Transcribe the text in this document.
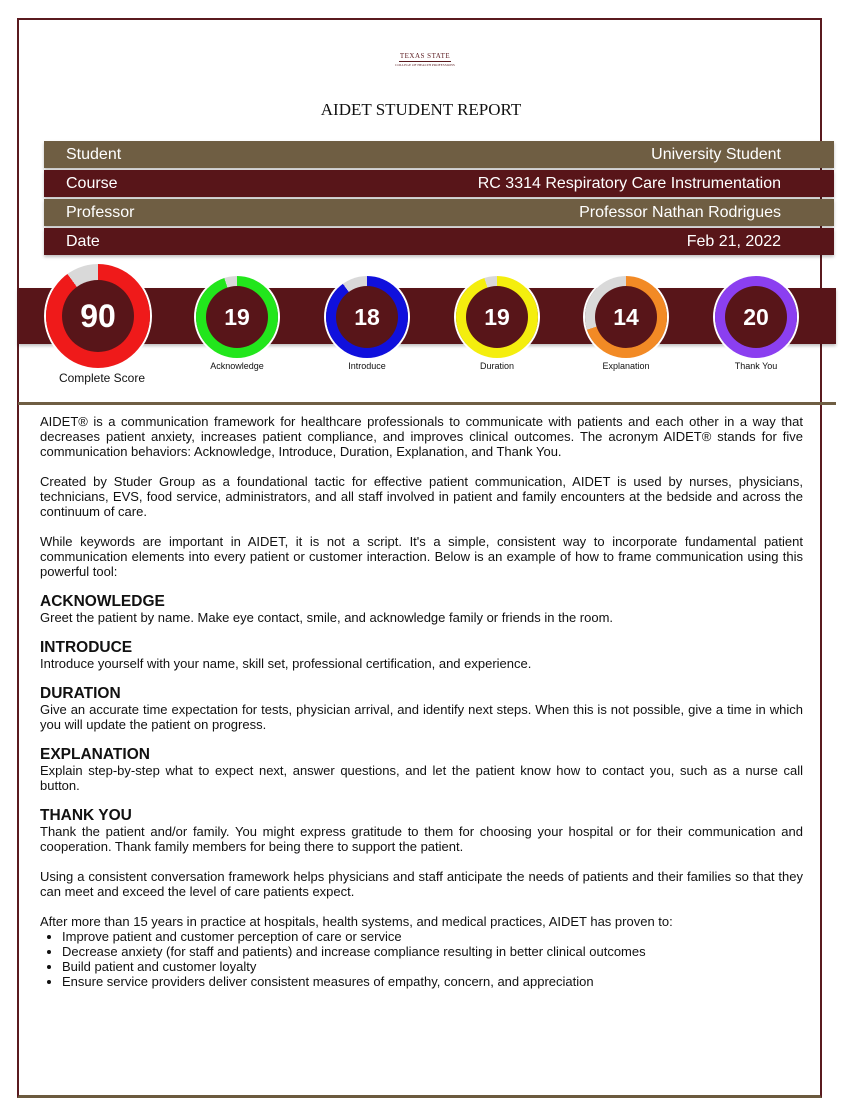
TEXAS STATE
COLLEGE OF HEALTH PROFESSIONS
AIDET STUDENT REPORT
Student	University Student
Course	RC 3314 Respiratory Care Instrumentation
Professor	Professor Nathan Rodrigues
Date	Feb 21, 2022
90
Complete Score
19
Acknowledge
18
Introduce
19
Duration
14
Explanation
20
Thank You

AIDET® is a communication framework for healthcare professionals to communicate with patients and each other in a way that decreases patient anxiety, increases patient compliance, and improves clinical outcomes. The acronym AIDET® stands for five communication behaviors: Acknowledge, Introduce, Duration, Explanation, and Thank You.

Created by Studer Group as a foundational tactic for effective patient communication, AIDET is used by nurses, physicians, technicians, EVS, food service, administrators, and all staff involved in patient and family encounters at the bedside and across the continuum of care.

While keywords are important in AIDET, it is not a script. It's a simple, consistent way to incorporate fundamental patient communication elements into every patient or customer interaction. Below is an example of how to frame communication using this powerful tool:

ACKNOWLEDGE

Greet the patient by name. Make eye contact, smile, and acknowledge family or friends in the room.

INTRODUCE

Introduce yourself with your name, skill set, professional certification, and experience.

DURATION

Give an accurate time expectation for tests, physician arrival, and identify next steps. When this is not possible, give a time in which you will update the patient on progress.

EXPLANATION

Explain step-by-step what to expect next, answer questions, and let the patient know how to contact you, such as a nurse call button.

THANK YOU

Thank the patient and/or family. You might express gratitude to them for choosing your hospital or for their communication and cooperation. Thank family members for being there to support the patient.

Using a consistent conversation framework helps physicians and staff anticipate the needs of patients and their families so that they can meet and exceed the level of care patients expect.

After more than 15 years in practice at hospitals, health systems, and medical practices, AIDET has proven to:

• Improve patient and customer perception of care or service
• Decrease anxiety (for staff and patients) and increase compliance resulting in better clinical outcomes
• Build patient and customer loyalty
• Ensure service providers deliver consistent measures of empathy, concern, and appreciation
